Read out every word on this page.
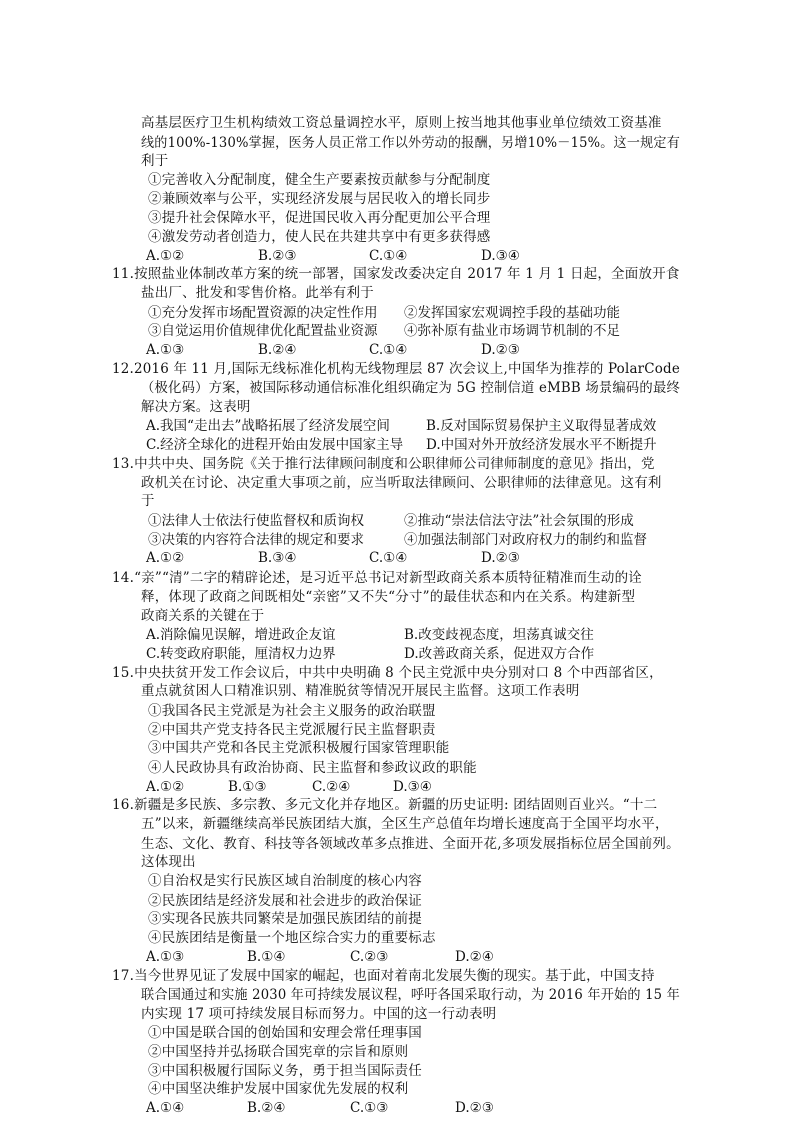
高基层医疗卫生机构绩效工资总量调控水平，原则上按当地其他事业单位绩效工资基准
线的100%-130%掌握，医务人员正常工作以外劳动的报酬，另增10%－15%。这一规定有
利于
①完善收入分配制度，健全生产要素按贡献参与分配制度
②兼顾效率与公平，实现经济发展与居民收入的增长同步
③提升社会保障水平，促进国民收入再分配更加公平合理
④激发劳动者创造力，使人民在共建共享中有更多获得感
A.①②	B.②③	C.①④	D.③④
11.按照盐业体制改革方案的统一部署，国家发改委决定自 2017 年 1 月 1 日起，全面放开食
盐出厂、批发和零售价格。此举有利于
①充分发挥市场配置资源的决定性作用 ②发挥国家宏观调控手段的基础功能
③自觉运用价值规律优化配置盐业资源 ④弥补原有盐业市场调节机制的不足
A.①③	B.②④	C.①④	D.②③
12.2016 年 11 月,国际无线标准化机构无线物理层 87 次会议上,中国华为推荐的 PolarCode
（极化码）方案，被国际移动通信标准化组织确定为 5G 控制信道 eMBB 场景编码的最终
解决方案。这表明
A.我国“走出去”战略拓展了经济发展空间	B.反对国际贸易保护主义取得显著成效
C.经济全球化的进程开始由发展中国家主导 D.中国对外开放经济发展水平不断提升
13.中共中央、国务院《关于推行法律顾问制度和公职律师公司律师制度的意见》指出，党
政机关在讨论、决定重大事项之前，应当听取法律顾问、公职律师的法律意见。这有利
于
①法律人士依法行使监督权和质询权	②推动“崇法信法守法”社会氛围的形成
③决策的内容符合法律的规定和要求	④加强法制部门对政府权力的制约和监督
A.①②	B.③④	C.①④	D.②③
14.“亲”“清”二字的精辟论述，是习近平总书记对新型政商关系本质特征精准而生动的诠
释，体现了政商之间既相处“亲密”又不失“分寸”的最佳状态和内在关系。构建新型
政商关系的关键在于
A.消除偏见误解，增进政企友谊	B.改变歧视态度，坦荡真诚交往
C.转变政府职能，厘清权力边界	D.改善政商关系，促进双方合作
15.中央扶贫开发工作会议后，中共中央明确 8 个民主党派中央分别对口 8 个中西部省区，
重点就贫困人口精准识别、精准脱贫等情况开展民主监督。这项工作表明
①我国各民主党派是为社会主义服务的政治联盟
②中国共产党支持各民主党派履行民主监督职责
③中国共产党和各民主党派积极履行国家管理职能
④人民政协具有政治协商、民主监督和参政议政的职能
A.①②	B.①③	C.②④	D.③④
16.新疆是多民族、多宗教、多元文化并存地区。新疆的历史证明: 团结固则百业兴。“十二
五”以来，新疆继续高举民族团结大旗，全区生产总值年均增长速度高于全国平均水平，
生态、文化、教育、科技等各领域改革多点推进、全面开花,多项发展指标位居全国前列。
这体现出
①自治权是实行民族区域自治制度的核心内容
②民族团结是经济发展和社会进步的政治保证
③实现各民族共同繁荣是加强民族团结的前提
④民族团结是衡量一个地区综合实力的重要标志
A.①③	B.①④	C.②③	D.②④
17.当今世界见证了发展中国家的崛起，也面对着南北发展失衡的现实。基于此，中国支持
联合国通过和实施 2030 年可持续发展议程，呼吁各国采取行动，为 2016 年开始的 15 年
内实现 17 项可持续发展目标而努力。中国的这一行动表明
①中国是联合国的创始国和安理会常任理事国
②中国坚持并弘扬联合国宪章的宗旨和原则
③中国积极履行国际义务，勇于担当国际责任
④中国坚决维护发展中国家优先发展的权利
A.①④	B.②④	C.①③	D.②③
